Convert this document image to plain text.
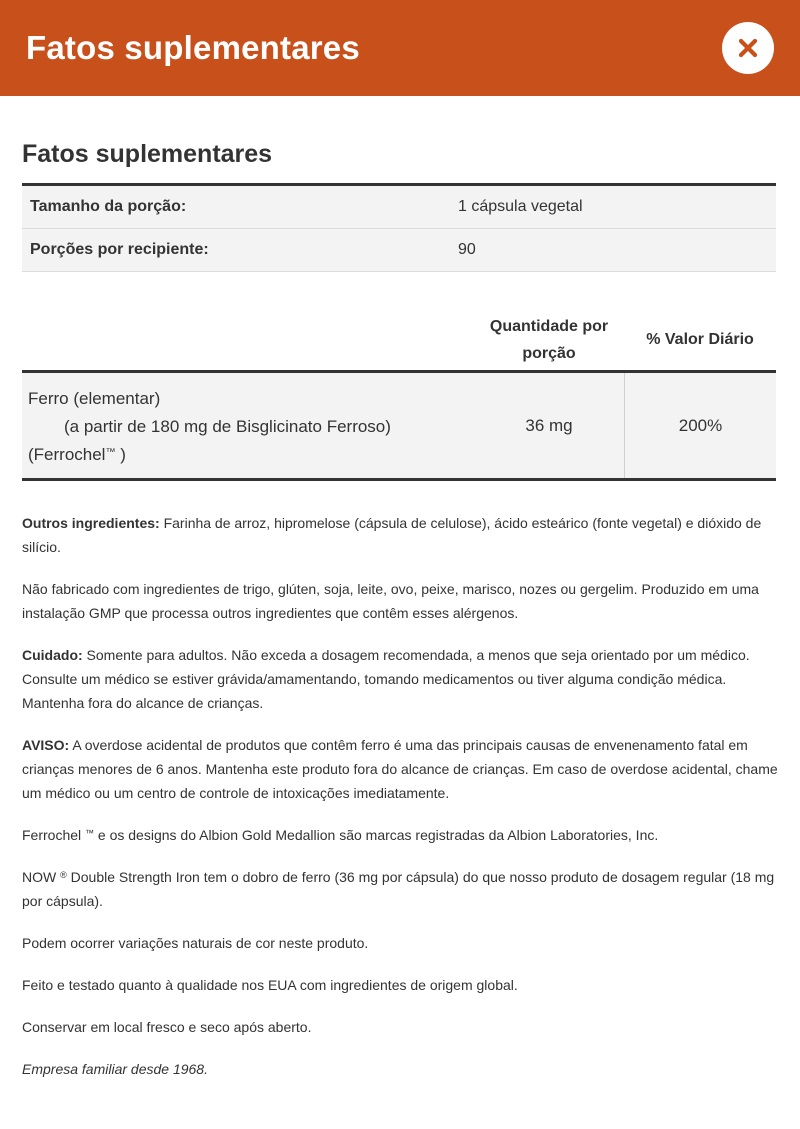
Fatos suplementares
Fatos suplementares
Tamanho da porção:	1 cápsula vegetal
Porções por recipiente:	90
Quantidade por
porção
% Valor Diário
Ferro (elementar)
(a partir de 180 mg de Bisglicinato Ferroso)
(Ferrochel™ )
36 mg	200%

Outros ingredientes: Farinha de arroz, hipromelose (cápsula de celulose), ácido esteárico (fonte vegetal) e dióxido de silício.

Não fabricado com ingredientes de trigo, glúten, soja, leite, ovo, peixe, marisco, nozes ou gergelim. Produzido em uma instalação GMP que processa outros ingredientes que contêm esses alérgenos.

Cuidado: Somente para adultos. Não exceda a dosagem recomendada, a menos que seja orientado por um médico. Consulte um médico se estiver grávida/amamentando, tomando medicamentos ou tiver alguma condição médica. Mantenha fora do alcance de crianças.

AVISO: A overdose acidental de produtos que contêm ferro é uma das principais causas de envenenamento fatal em crianças menores de 6 anos. Mantenha este produto fora do alcance de crianças. Em caso de overdose acidental, chame um médico ou um centro de controle de intoxicações imediatamente.

Ferrochel ™ e os designs do Albion Gold Medallion são marcas registradas da Albion Laboratories, Inc.

NOW ® Double Strength Iron tem o dobro de ferro (36 mg por cápsula) do que nosso produto de dosagem regular (18 mg por cápsula).

Podem ocorrer variações naturais de cor neste produto.

Feito e testado quanto à qualidade nos EUA com ingredientes de origem global.

Conservar em local fresco e seco após aberto.

Empresa familiar desde 1968.
